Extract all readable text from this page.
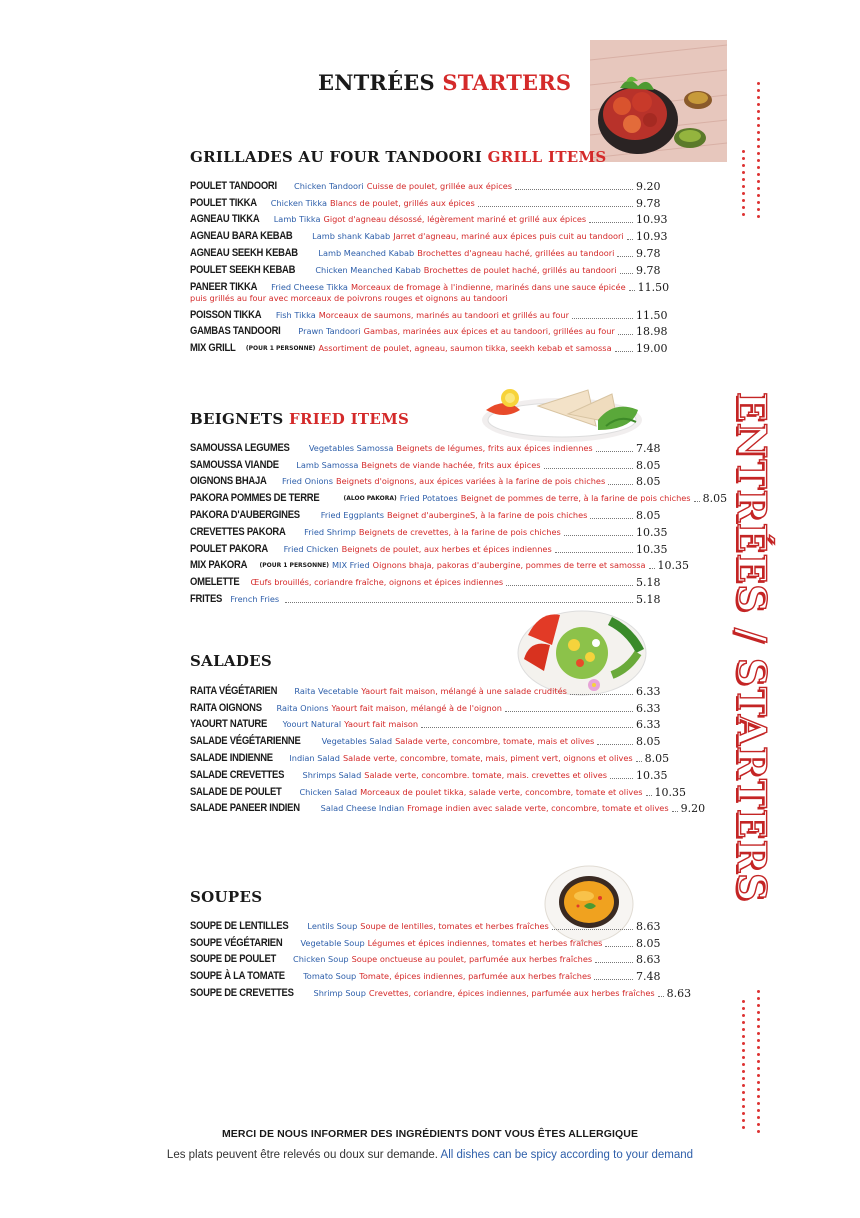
ENTRÉES STARTERS
GRILLADES AU FOUR TANDOORI GRILL ITEMS
POULET TANDOORI Chicken Tandoori Cuisse de poulet, grillée aux épices	9.20
POULET TIKKA Chicken Tikka Blancs de poulet, grillés aux épices	9.78
AGNEAU TIKKA Lamb Tikka Gigot d'agneau désossé, légèrement mariné et grillé aux épices	10.93
AGNEAU BARA KEBAB Lamb shank Kabab Jarret d'agneau, mariné aux épices puis cuit au tandoori 10.93
AGNEAU SEEKH KEBAB	Lamb Meanched Kabab Brochettes d'agneau haché, grillées au tandoori 9.78
POULET SEEKH KEBAB Chicken Meanched Kabab Brochettes de poulet haché, grillés au tandoori 9.78
PANEER TIKKA Fried Cheese Tikka Morceaux de fromage à l'indienne, marinés dans une sauce épicée 11.50
puis grillés au four avec morceaux de poivrons rouges et oignons au tandoori
POISSON TIKKA Fish Tikka Morceaux de saumons, marinés au tandoori et grillés au four	11.50
GAMBAS TANDOORI Prawn Tandoori Gambas, marinées aux épices et au tandoori, grillées au four 18.98
MIX GRILL (POUR 1 PERSONNE) Assortiment de poulet, agneau, saumon tikka, seekh kebab et samossa 19.00
BEIGNETS FRIED ITEMS
SAMOUSSA LEGUMES Vegetables Samossa Beignets de légumes, frits aux épices indiennes	7.48
SAMOUSSA VIANDE Lamb Samossa Beignets de viande hachée, frits aux épices	8.05
OIGNONS BHAJA Fried Onions Beignets d'oignons, aux épices variées à la farine de pois chiches	8.05
PAKORA POMMES DE TERRE	(ALOO PAKORA) Fried Potatoes Beignet de pommes de terre, à la farine de pois chiches 8.05
PAKORA D'AUBERGINES	Fried Eggplants Beignet d'aubergineS, à la farine de pois chiches	8.05
CREVETTES PAKORA Fried Shrimp Beignets de crevettes, à la farine de pois chiches	10.35
POULET PAKORA Fried Chicken Beignets de poulet, aux herbes et épices indiennes	10.35
MIX PAKORA (POUR 1 PERSONNE) MIX Fried Oignons bhaja, pakoras d'aubergine, pommes de terre et samossa 10.35
OMELETTE Œufs brouillés, coriandre fraîche, oignons et épices indiennes	5.18
FRITES French Fries	5.18
SALADES
RAITA VÉGÉTARIEN Raita Vecetable Yaourt fait maison, mélangé à une salade crudités	6.33
RAITA OIGNONS Raita Onions Yaourt fait maison, mélangé à de l'oignon	6.33
YAOURT NATURE Yoourt Natural Yaourt fait maison	6.33
SALADE VÉGÉTARIENNE	Vegetables Salad Salade verte, concombre, tomate, mais et olives	8.05
SALADE INDIENNE Indian Salad Salade verte, concombre, tomate, mais, piment vert, oignons et olives 8.05
SALADE CREVETTES Shrimps Salad Salade verte, concombre. tomate, mais. crevettes et olives	10.35
SALADE DE POULET Chicken Salad Morceaux de poulet tikka, salade verte, concombre, tomate et olives 10.35
SALADE PANEER INDIEN	Salad Cheese Indian Fromage indien avec salade verte, concombre, tomate et olives 9.20
SOUPES
SOUPE DE LENTILLES Lentils Soup Soupe de lentilles, tomates et herbes fraîches	8.63
SOUPE VÉGÉTARIEN Vegetable Soup Légumes et épices indiennes, tomates et herbes fraîches	8.05
SOUPE DE POULET Chicken Soup Soupe onctueuse au poulet, parfumée aux herbes fraîches	8.63
SOUPE À LA TOMATE Tomato Soup Tomate, épices indiennes, parfumée aux herbes fraîches	7.48
SOUPE DE CREVETTES Shrimp Soup Crevettes, coriandre, épices indiennes, parfumée aux herbes fraîches 8.63
ENTRÉES / STARTERS
MERCI DE NOUS INFORMER DES INGRÉDIENTS DONT VOUS ÊTES ALLERGIQUE
Les plats peuvent être relevés ou doux sur demande. All dishes can be spicy according to your demand
